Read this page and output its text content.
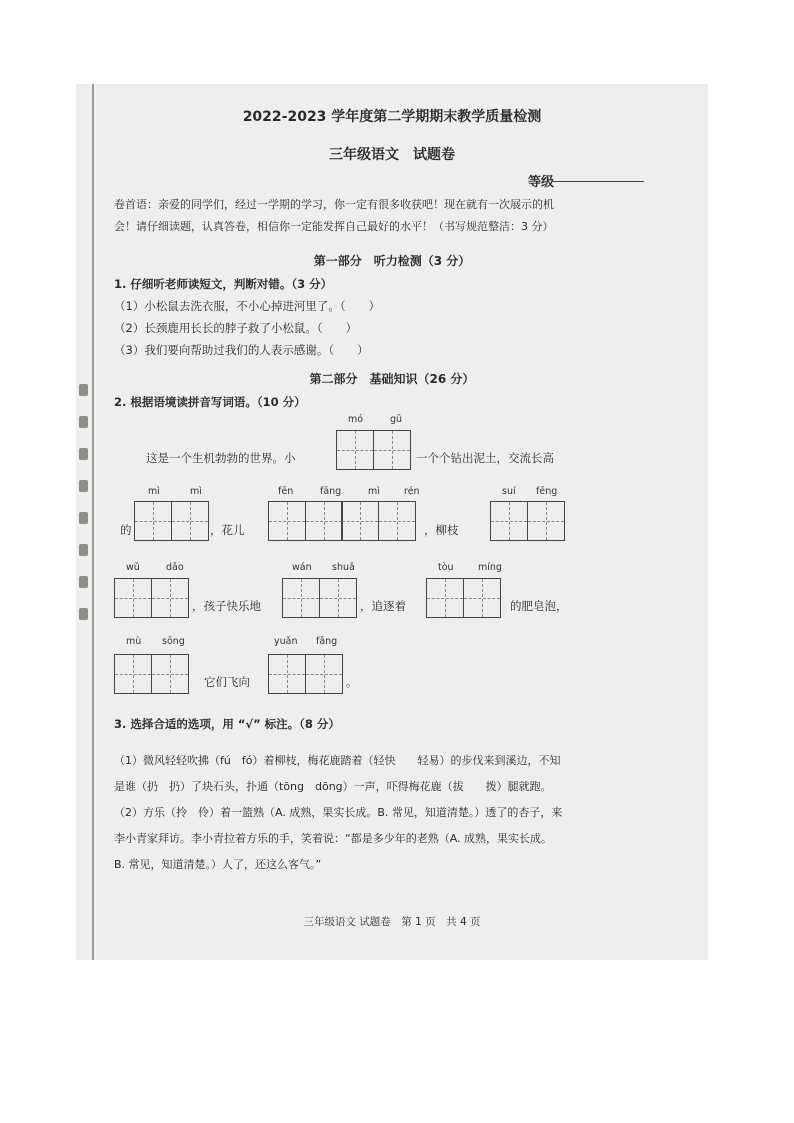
2022-2023 学年度第二学期期末教学质量检测
三年级语文　试题卷
等级
卷首语：亲爱的同学们，经过一学期的学习，你一定有很多收获吧！现在就有一次展示的机
会！请仔细读题，认真答卷，相信你一定能发挥自己最好的水平！（书写规范整洁：3 分）
第一部分　听力检测（3 分）
1. 仔细听老师读短文，判断对错。（3 分）
（1）小松鼠去洗衣服，不小心掉进河里了。（　　）
（2）长颈鹿用长长的脖子救了小松鼠。（　　）
（3）我们要向帮助过我们的人表示感谢。（　　）
第二部分　基础知识（26 分）
2. 根据语境读拼音写词语。（10 分）
mó	gū
这是一个生机勃勃的世界。小	一个个钻出泥土，交流长高
mì	mì	fēn	fāng	mì	rén	suí fēng
的	，花儿	，柳枝
wǔ	dǎo	wán shuǎ	tòu	míng
，孩子快乐地	，追逐着	的肥皂泡，
mù sōng	yuǎn fāng
它们飞向	。
3. 选择合适的选项，用 “√” 标注。（8 分）
（1）微风轻轻吹拂（fú　fó）着柳枝，梅花鹿踏着（轻快　　轻易）的步伐来到溪边，不知
是谁（扔　扔）了块石头，扑通（tōng　dōng）一声，吓得梅花鹿（拔　　拨）腿就跑。
（2）方乐（拎　伶）着一篮熟（A. 成熟，果实长成。B. 常见，知道清楚。）透了的杏子，来
李小青家拜访。李小青拉着方乐的手，笑着说：“都是多少年的老熟（A. 成熟，果实长成。
B. 常见，知道清楚。）人了，还这么客气。”
三年级语文 试题卷　第 1 页　共 4 页
